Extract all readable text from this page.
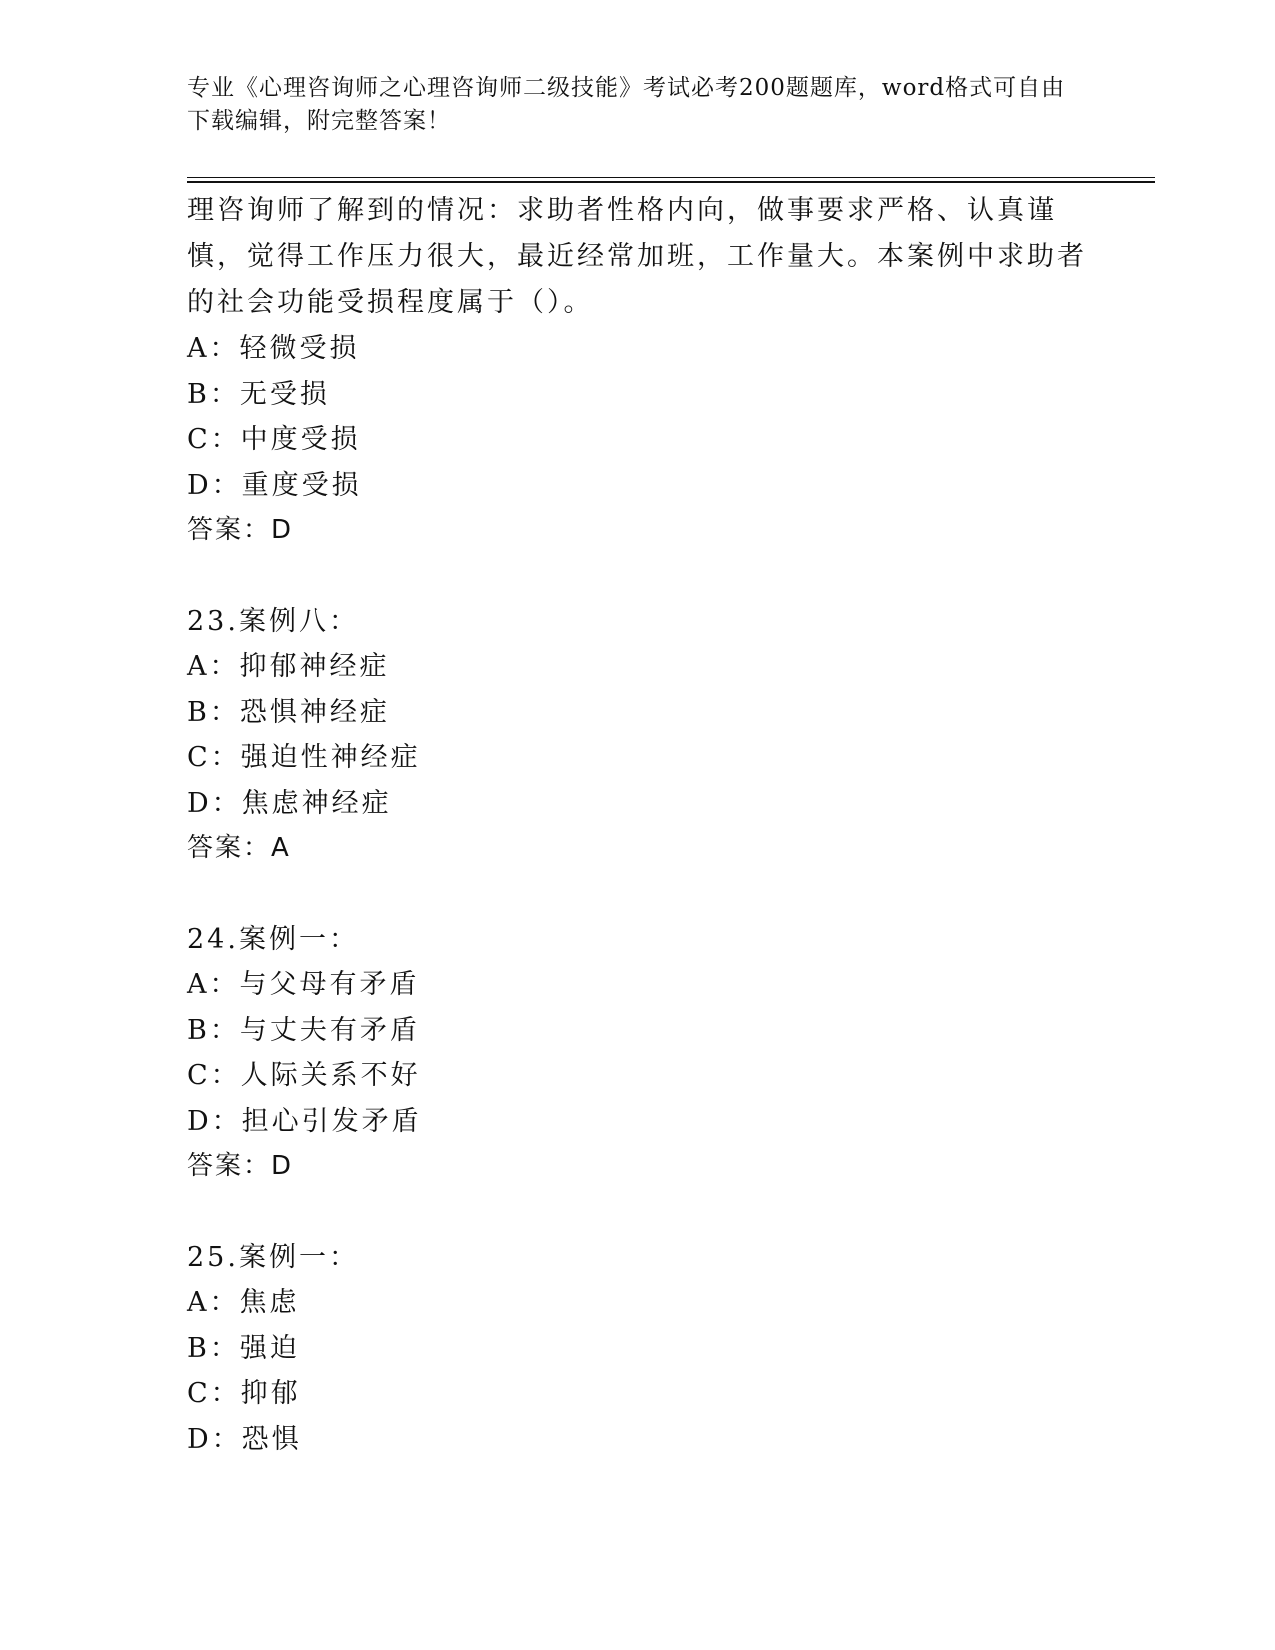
专业《心理咨询师之心理咨询师二级技能》考试必考200题题库，word格式可自由下载编辑，附完整答案！

理咨询师了解到的情况：求助者性格内向，做事要求严格、认真谨慎，觉得工作压力很大，最近经常加班，工作量大。本案例中求助者的社会功能受损程度属于（）。

A：轻微受损
B：无受损
C：中度受损
D：重度受损
答案：D
23.案例八：
A：抑郁神经症
B：恐惧神经症
C：强迫性神经症
D：焦虑神经症
答案：A
24.案例一：
A：与父母有矛盾
B：与丈夫有矛盾
C：人际关系不好
D：担心引发矛盾
答案：D
25.案例一：
A：焦虑
B：强迫
C：抑郁
D：恐惧
